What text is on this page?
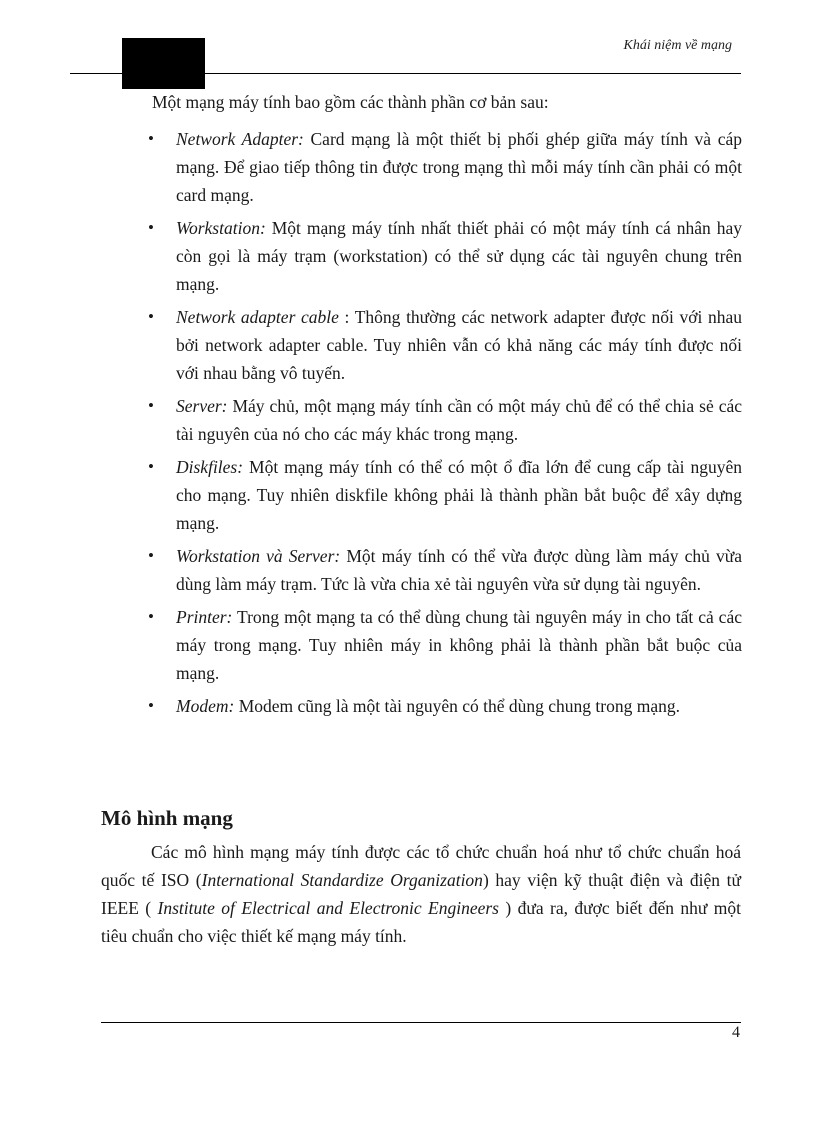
Khái niệm về mạng
Một mạng máy tính bao gồm các thành phần cơ bản sau:
• Network Adapter: Card mạng là một thiết bị phối ghép giữa máy tính và cáp mạng. Để giao tiếp thông tin được trong mạng thì mỗi máy tính cần phải có một card mạng.
• Workstation: Một mạng máy tính nhất thiết phải có một máy tính cá nhân hay còn gọi là máy trạm (workstation) có thể sử dụng các tài nguyên chung trên mạng.
• Network adapter cable : Thông thường các network adapter được nối với nhau bởi network adapter cable. Tuy nhiên vẫn có khả năng các máy tính được nối với nhau bằng vô tuyến.
• Server: Máy chủ, một mạng máy tính cần có một máy chủ để có thể chia sẻ các tài nguyên của nó cho các máy khác trong mạng.
• Diskfiles: Một mạng máy tính có thể có một ổ đĩa lớn để cung cấp tài nguyên cho mạng. Tuy nhiên diskfile không phải là thành phần bắt buộc để xây dựng mạng.
• Workstation và Server: Một máy tính có thể vừa được dùng làm máy chủ vừa dùng làm máy trạm. Tức là vừa chia xẻ tài nguyên vừa sử dụng tài nguyên.
• Printer: Trong một mạng ta có thể dùng chung tài nguyên máy in cho tất cả các máy trong mạng. Tuy nhiên máy in không phải là thành phần bắt buộc của mạng.
• Modem: Modem cũng là một tài nguyên có thể dùng chung trong mạng.
Mô hình mạng

Các mô hình mạng máy tính được các tổ chức chuẩn hoá như tổ chức chuẩn hoá quốc tế ISO (International Standardize Organization) hay viện kỹ thuật điện và điện tử IEEE ( Institute of Electrical and Electronic Engineers ) đưa ra, được biết đến như một tiêu chuẩn cho việc thiết kế mạng máy tính.

4
